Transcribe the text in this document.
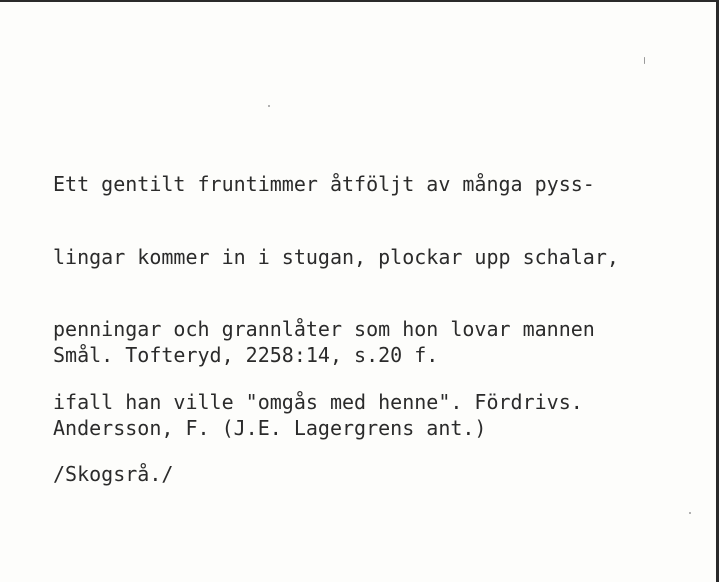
Ett gentilt fruntimmer åtföljt av många pyss-

lingar kommer in i stugan, plockar upp schalar,

penningar och grannlåter som hon lovar mannen

ifall han ville "omgås med henne". Fördrivs.

/Skogsrå./

Smål. Tofteryd, 2258:14, s.20 f.

Andersson, F. (J.E. Lagergrens ant.)
